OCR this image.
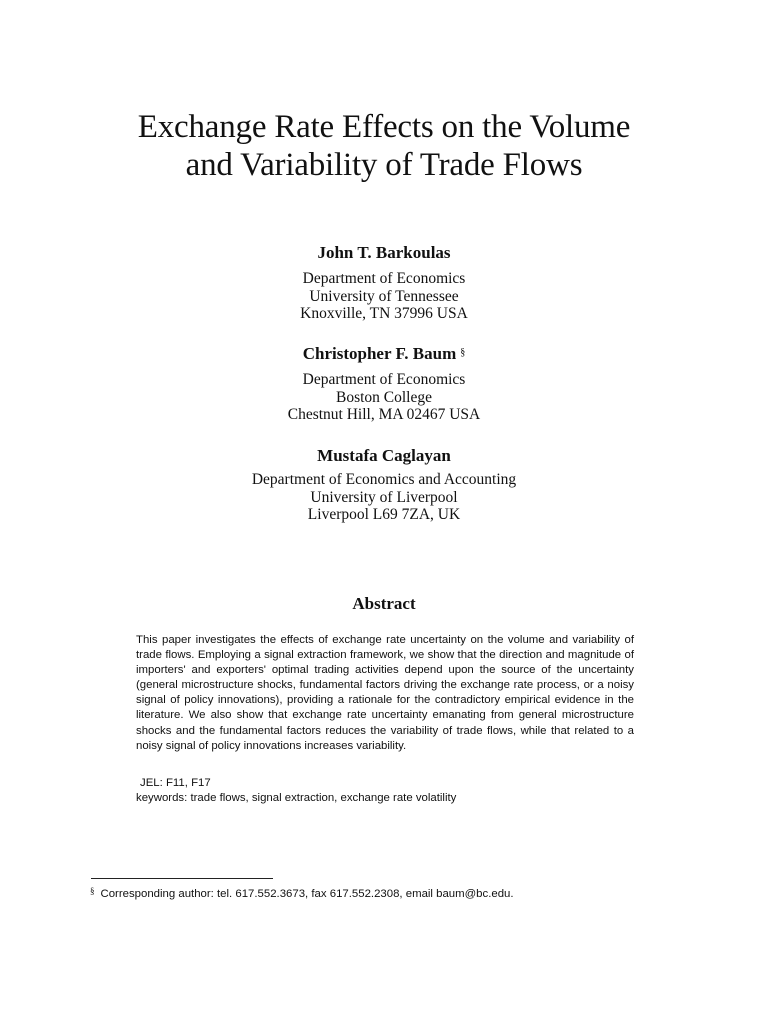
Exchange Rate Effects on the Volume
and Variability of Trade Flows
John T. Barkoulas
Department of Economics
University of Tennessee
Knoxville, TN 37996 USA
Christopher F. Baum §
Department of Economics
Boston College
Chestnut Hill, MA 02467 USA
Mustafa Caglayan
Department of Economics and Accounting
University of Liverpool
Liverpool L69 7ZA, UK
Abstract

This paper investigates the effects of exchange rate uncertainty on the volume and variability of trade flows. Employing a signal extraction framework, we show that the direction and magnitude of importers' and exporters' optimal trading activities depend upon the source of the uncertainty (general microstructure shocks, fundamental factors driving the exchange rate process, or a noisy signal of policy innovations), providing a rationale for the contradictory empirical evidence in the literature. We also show that exchange rate uncertainty emanating from general microstructure shocks and the fundamental factors reduces the variability of trade flows, while that related to a noisy signal of policy innovations increases variability.

JEL: F11, F17
keywords: trade flows, signal extraction, exchange rate volatility
§ Corresponding author: tel. 617.552.3673, fax 617.552.2308, email baum@bc.edu.
